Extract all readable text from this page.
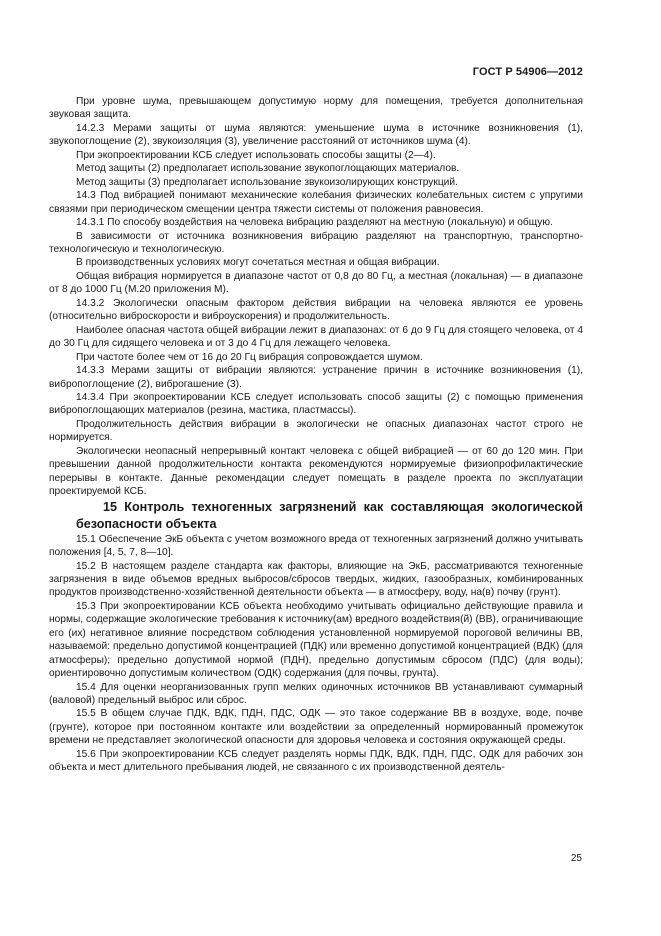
ГОСТ Р 54906—2012

При уровне шума, превышающем допустимую норму для помещения, требуется дополнительная звуковая защита.

14.2.3 Мерами защиты от шума являются: уменьшение шума в источнике возникновения (1), звукопоглощение (2), звукоизоляция (3), увеличение расстояний от источников шума (4).

При экопроектировании КСБ следует использовать способы защиты (2—4).

Метод защиты (2) предполагает использование звукопоглощающих материалов.

Метод защиты (3) предполагает использование звукоизолирующих конструкций.

14.3 Под вибрацией понимают механические колебания физических колебательных систем с упругими связями при периодическом смещении центра тяжести системы от положения равновесия.

14.3.1 По способу воздействия на человека вибрацию разделяют на местную (локальную) и общую.

В зависимости от источника возникновения вибрацию разделяют на транспортную, транспортно-технологическую и технологическую.

В производственных условиях могут сочетаться местная и общая вибрации.

Общая вибрация нормируется в диапазоне частот от 0,8 до 80 Гц, а местная (локальная) — в диапазоне от 8 до 1000 Гц (М.20 приложения М).

14.3.2 Экологически опасным фактором действия вибрации на человека являются ее уровень (относительно виброскорости и виброускорения) и продолжительность.

Наиболее опасная частота общей вибрации лежит в диапазонах: от 6 до 9 Гц для стоящего человека, от 4 до 30 Гц для сидящего человека и от 3 до 4 Гц для лежащего человека.

При частоте более чем от 16 до 20 Гц вибрация сопровождается шумом.

14.3.3 Мерами защиты от вибрации являются: устранение причин в источнике возникновения (1), вибропоглощение (2), виброгашение (3).

14.3.4 При экопроектировании КСБ следует использовать способ защиты (2) с помощью применения вибропоглощающих материалов (резина, мастика, пластмассы).

Продолжительность действия вибрации в экологически не опасных диапазонах частот строго не нормируется.

Экологически неопасный непрерывный контакт человека с общей вибрацией — от 60 до 120 мин. При превышении данной продолжительности контакта рекомендуются нормируемые физиопрофилактические перерывы в контакте. Данные рекомендации следует помещать в разделе проекта по эксплуатации проектируемой КСБ.

15 Контроль техногенных загрязнений как составляющая экологической безопасности объекта

15.1 Обеспечение ЭкБ объекта с учетом возможного вреда от техногенных загрязнений должно учитывать положения [4, 5, 7, 8—10].

15.2 В настоящем разделе стандарта как факторы, влияющие на ЭкБ, рассматриваются техногенные загрязнения в виде объемов вредных выбросов/сбросов твердых, жидких, газообразных, комбинированных продуктов производственно-хозяйственной деятельности объекта — в атмосферу, воду, на(в) почву (грунт).

15.3 При экопроектировании КСБ объекта необходимо учитывать официально действующие правила и нормы, содержащие экологические требования к источнику(ам) вредного воздействия(й) (ВВ), ограничивающие его (их) негативное влияние посредством соблюдения установленной нормируемой пороговой величины ВВ, называемой: предельно допустимой концентрацией (ПДК) или временно допустимой концентрацией (ВДК) (для атмосферы); предельно допустимой нормой (ПДН), предельно допустимым сбросом (ПДС) (для воды); ориентировочно допустимым количеством (ОДК) содержания (для почвы, грунта).

15.4 Для оценки неорганизованных групп мелких одиночных источников ВВ устанавливают суммарный (валовой) предельный выброс или сброс.

15.5 В общем случае ПДК, ВДК, ПДН, ПДС, ОДК — это такое содержание ВВ в воздухе, воде, почве (грунте), которое при постоянном контакте или воздействии за определенный нормированный промежуток времени не представляет экологической опасности для здоровья человека и состояния окружающей среды.

15.6 При экопроектировании КСБ следует разделять нормы ПДК, ВДК, ПДН, ПДС, ОДК для рабочих зон объекта и мест длительного пребывания людей, не связанного с их производственной деятель-

25
